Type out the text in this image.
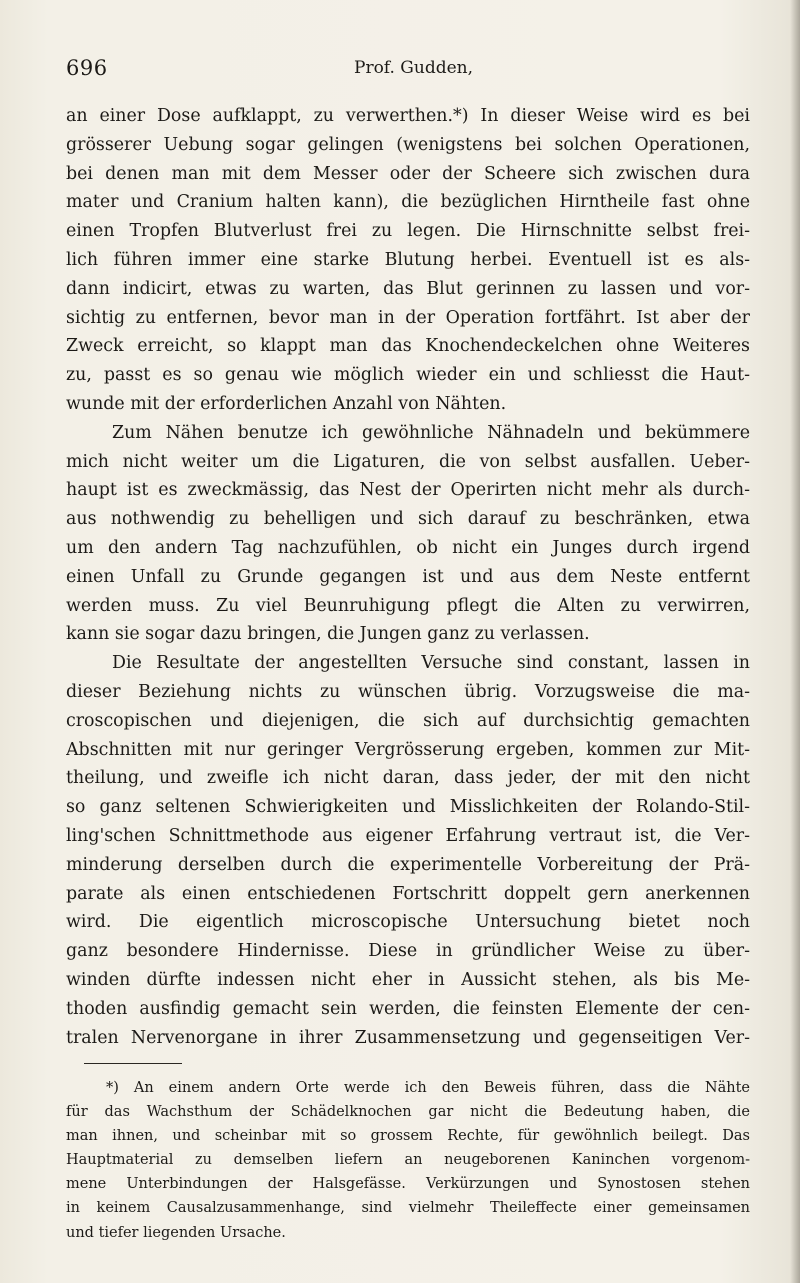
696	Prof. Gudden,
an einer Dose aufklappt, zu verwerthen.*) In dieser Weise wird es bei
grösserer Uebung sogar gelingen (wenigstens bei solchen Operationen,
bei denen man mit dem Messer oder der Scheere sich zwischen dura
mater und Cranium halten kann), die bezüglichen Hirntheile fast ohne
einen Tropfen Blutverlust frei zu legen. Die Hirnschnitte selbst frei-
lich führen immer eine starke Blutung herbei. Eventuell ist es als-
dann indicirt, etwas zu warten, das Blut gerinnen zu lassen und vor-
sichtig zu entfernen, bevor man in der Operation fortfährt. Ist aber der
Zweck erreicht, so klappt man das Knochendeckelchen ohne Weiteres
zu, passt es so genau wie möglich wieder ein und schliesst die Haut-
wunde mit der erforderlichen Anzahl von Nähten.
Zum Nähen benutze ich gewöhnliche Nähnadeln und bekümmere
mich nicht weiter um die Ligaturen, die von selbst ausfallen. Ueber-
haupt ist es zweckmässig, das Nest der Operirten nicht mehr als durch-
aus nothwendig zu behelligen und sich darauf zu beschränken, etwa
um den andern Tag nachzufühlen, ob nicht ein Junges durch irgend
einen Unfall zu Grunde gegangen ist und aus dem Neste entfernt
werden muss. Zu viel Beunruhigung pflegt die Alten zu verwirren,
kann sie sogar dazu bringen, die Jungen ganz zu verlassen.
Die Resultate der angestellten Versuche sind constant, lassen in
dieser Beziehung nichts zu wünschen übrig. Vorzugsweise die ma-
croscopischen und diejenigen, die sich auf durchsichtig gemachten
Abschnitten mit nur geringer Vergrösserung ergeben, kommen zur Mit-
theilung, und zweifle ich nicht daran, dass jeder, der mit den nicht
so ganz seltenen Schwierigkeiten und Misslichkeiten der Rolando-Stil-
ling'schen Schnittmethode aus eigener Erfahrung vertraut ist, die Ver-
minderung derselben durch die experimentelle Vorbereitung der Prä-
parate als einen entschiedenen Fortschritt doppelt gern anerkennen
wird. Die eigentlich microscopische Untersuchung bietet noch
ganz besondere Hindernisse. Diese in gründlicher Weise zu über-
winden dürfte indessen nicht eher in Aussicht stehen, als bis Me-
thoden ausfindig gemacht sein werden, die feinsten Elemente der cen-
tralen Nervenorgane in ihrer Zusammensetzung und gegenseitigen Ver-
*) An einem andern Orte werde ich den Beweis führen, dass die Nähte
für das Wachsthum der Schädelknochen gar nicht die Bedeutung haben, die
man ihnen, und scheinbar mit so grossem Rechte, für gewöhnlich beilegt. Das
Hauptmaterial zu demselben liefern an neugeborenen Kaninchen vorgenom-
mene Unterbindungen der Halsgefässe. Verkürzungen und Synostosen stehen
in keinem Causalzusammenhange, sind vielmehr Theileffecte einer gemeinsamen
und tiefer liegenden Ursache.
